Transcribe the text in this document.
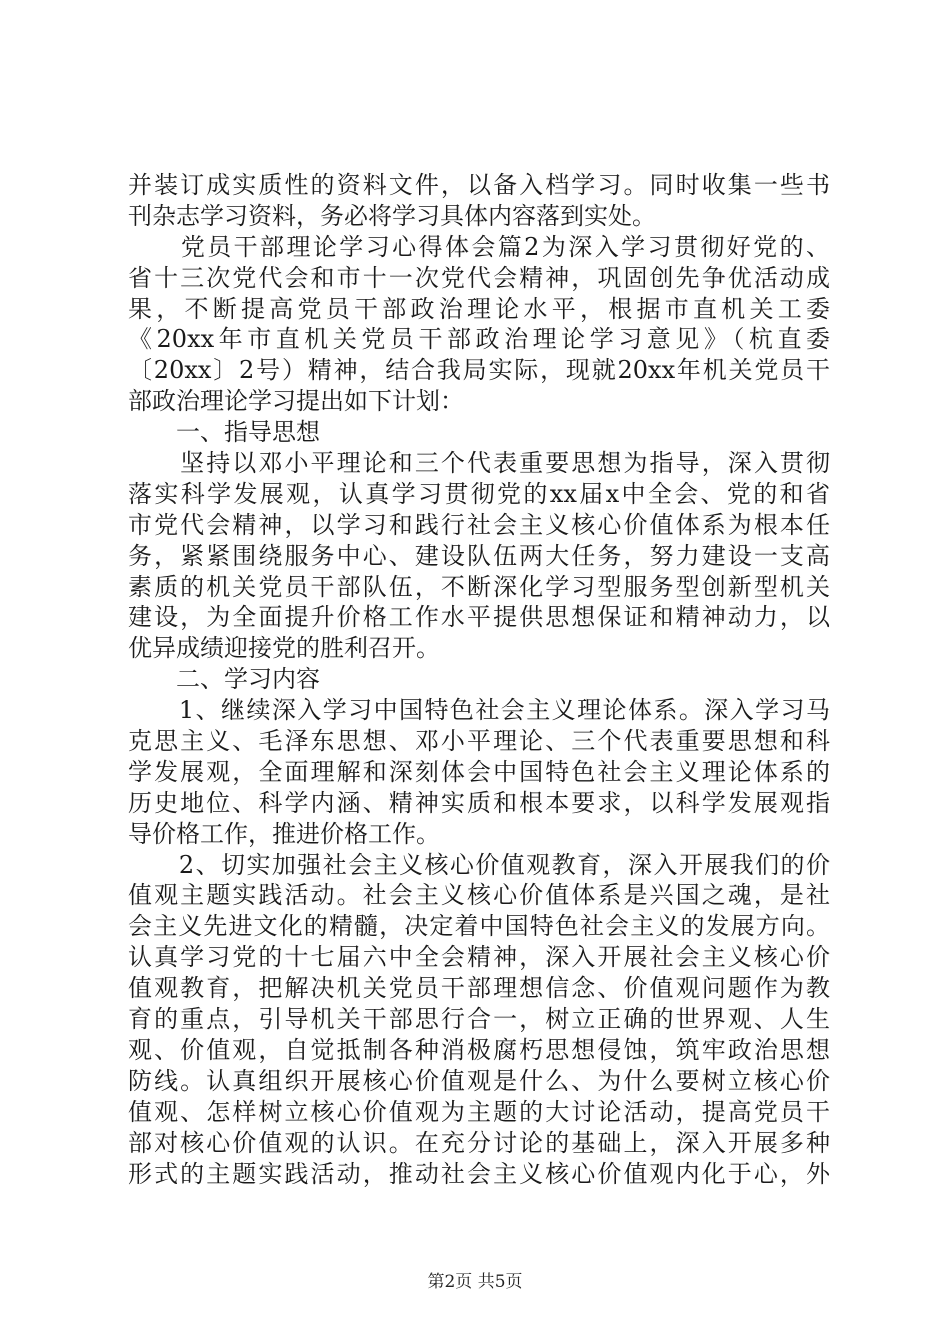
并装订成实质性的资料文件，以备入档学习。同时收集一些书
刊杂志学习资料，务必将学习具体内容落到实处。
　　党员干部理论学习心得体会篇2为深入学习贯彻好党的、
省十三次党代会和市十一次党代会精神，巩固创先争优活动成
果，不断提高党员干部政治理论水平，根据市直机关工委
《20xx年市直机关党员干部政治理论学习意见》（杭直委
〔20xx〕2号）精神，结合我局实际，现就20xx年机关党员干
部政治理论学习提出如下计划：
　　一、指导思想
　　坚持以邓小平理论和三个代表重要思想为指导，深入贯彻
落实科学发展观，认真学习贯彻党的xx届x中全会、党的和省
市党代会精神，以学习和践行社会主义核心价值体系为根本任
务，紧紧围绕服务中心、建设队伍两大任务，努力建设一支高
素质的机关党员干部队伍，不断深化学习型服务型创新型机关
建设，为全面提升价格工作水平提供思想保证和精神动力，以
优异成绩迎接党的胜利召开。
　　二、学习内容
　　1、继续深入学习中国特色社会主义理论体系。深入学习马
克思主义、毛泽东思想、邓小平理论、三个代表重要思想和科
学发展观，全面理解和深刻体会中国特色社会主义理论体系的
历史地位、科学内涵、精神实质和根本要求，以科学发展观指
导价格工作，推进价格工作。
　　2、切实加强社会主义核心价值观教育，深入开展我们的价
值观主题实践活动。社会主义核心价值体系是兴国之魂，是社
会主义先进文化的精髓，决定着中国特色社会主义的发展方向。
认真学习党的十七届六中全会精神，深入开展社会主义核心价
值观教育，把解决机关党员干部理想信念、价值观问题作为教
育的重点，引导机关干部思行合一，树立正确的世界观、人生
观、价值观，自觉抵制各种消极腐朽思想侵蚀，筑牢政治思想
防线。认真组织开展核心价值观是什么、为什么要树立核心价
值观、怎样树立核心价值观为主题的大讨论活动，提高党员干
部对核心价值观的认识。在充分讨论的基础上，深入开展多种
形式的主题实践活动，推动社会主义核心价值观内化于心，外
第2页 共5页
